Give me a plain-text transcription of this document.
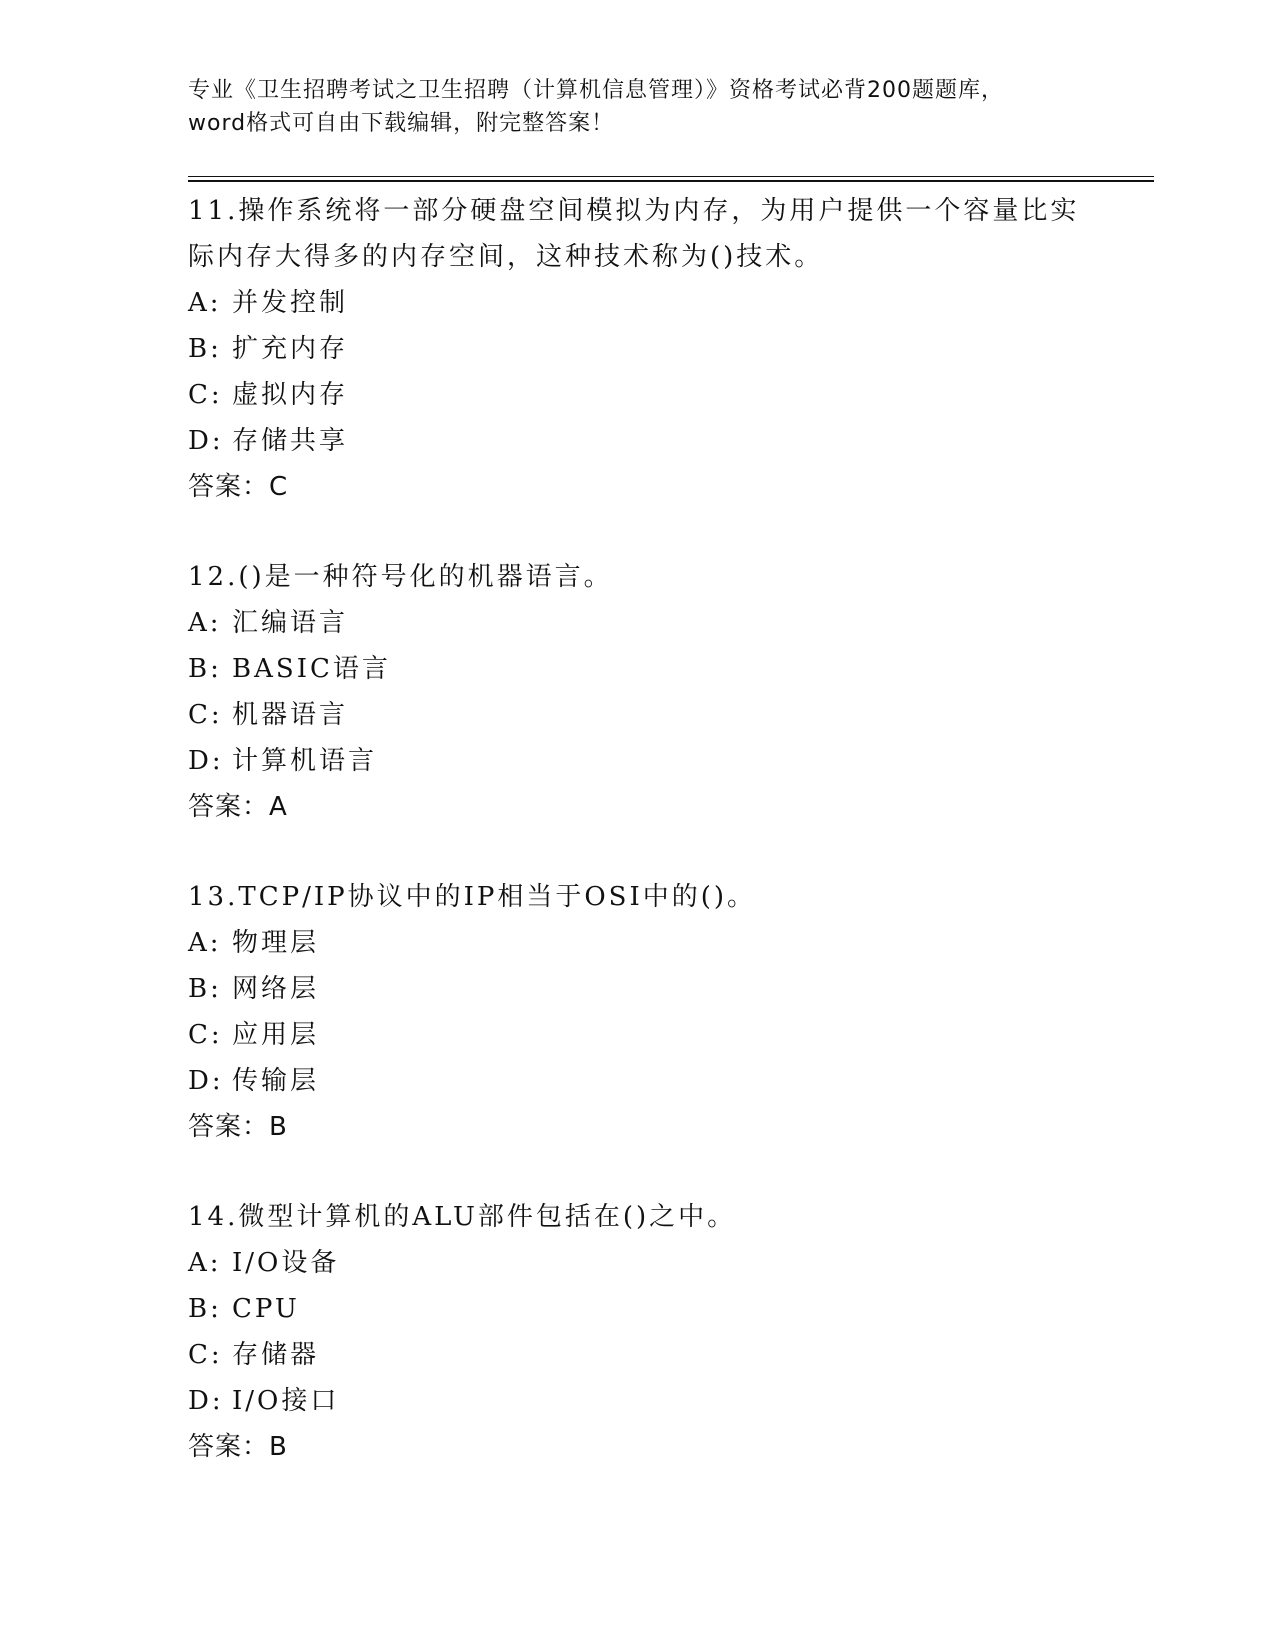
专业《卫生招聘考试之卫生招聘（计算机信息管理）》资格考试必背200题题库，
word格式可自由下载编辑，附完整答案！

11.操作系统将一部分硬盘空间模拟为内存，为用户提供一个容量比实

际内存大得多的内存空间，这种技术称为()技术。

A: 并发控制

B: 扩充内存

C: 虚拟内存

D: 存储共享

答案：C

12.()是一种符号化的机器语言。

A: 汇编语言

B: BASIC语言

C: 机器语言

D: 计算机语言

答案：A

13.TCP/IP协议中的IP相当于OSI中的()。

A: 物理层

B: 网络层

C: 应用层

D: 传输层

答案：B

14.微型计算机的ALU部件包括在()之中。

A: I/O设备

B: CPU

C: 存储器

D: I/O接口

答案：B
